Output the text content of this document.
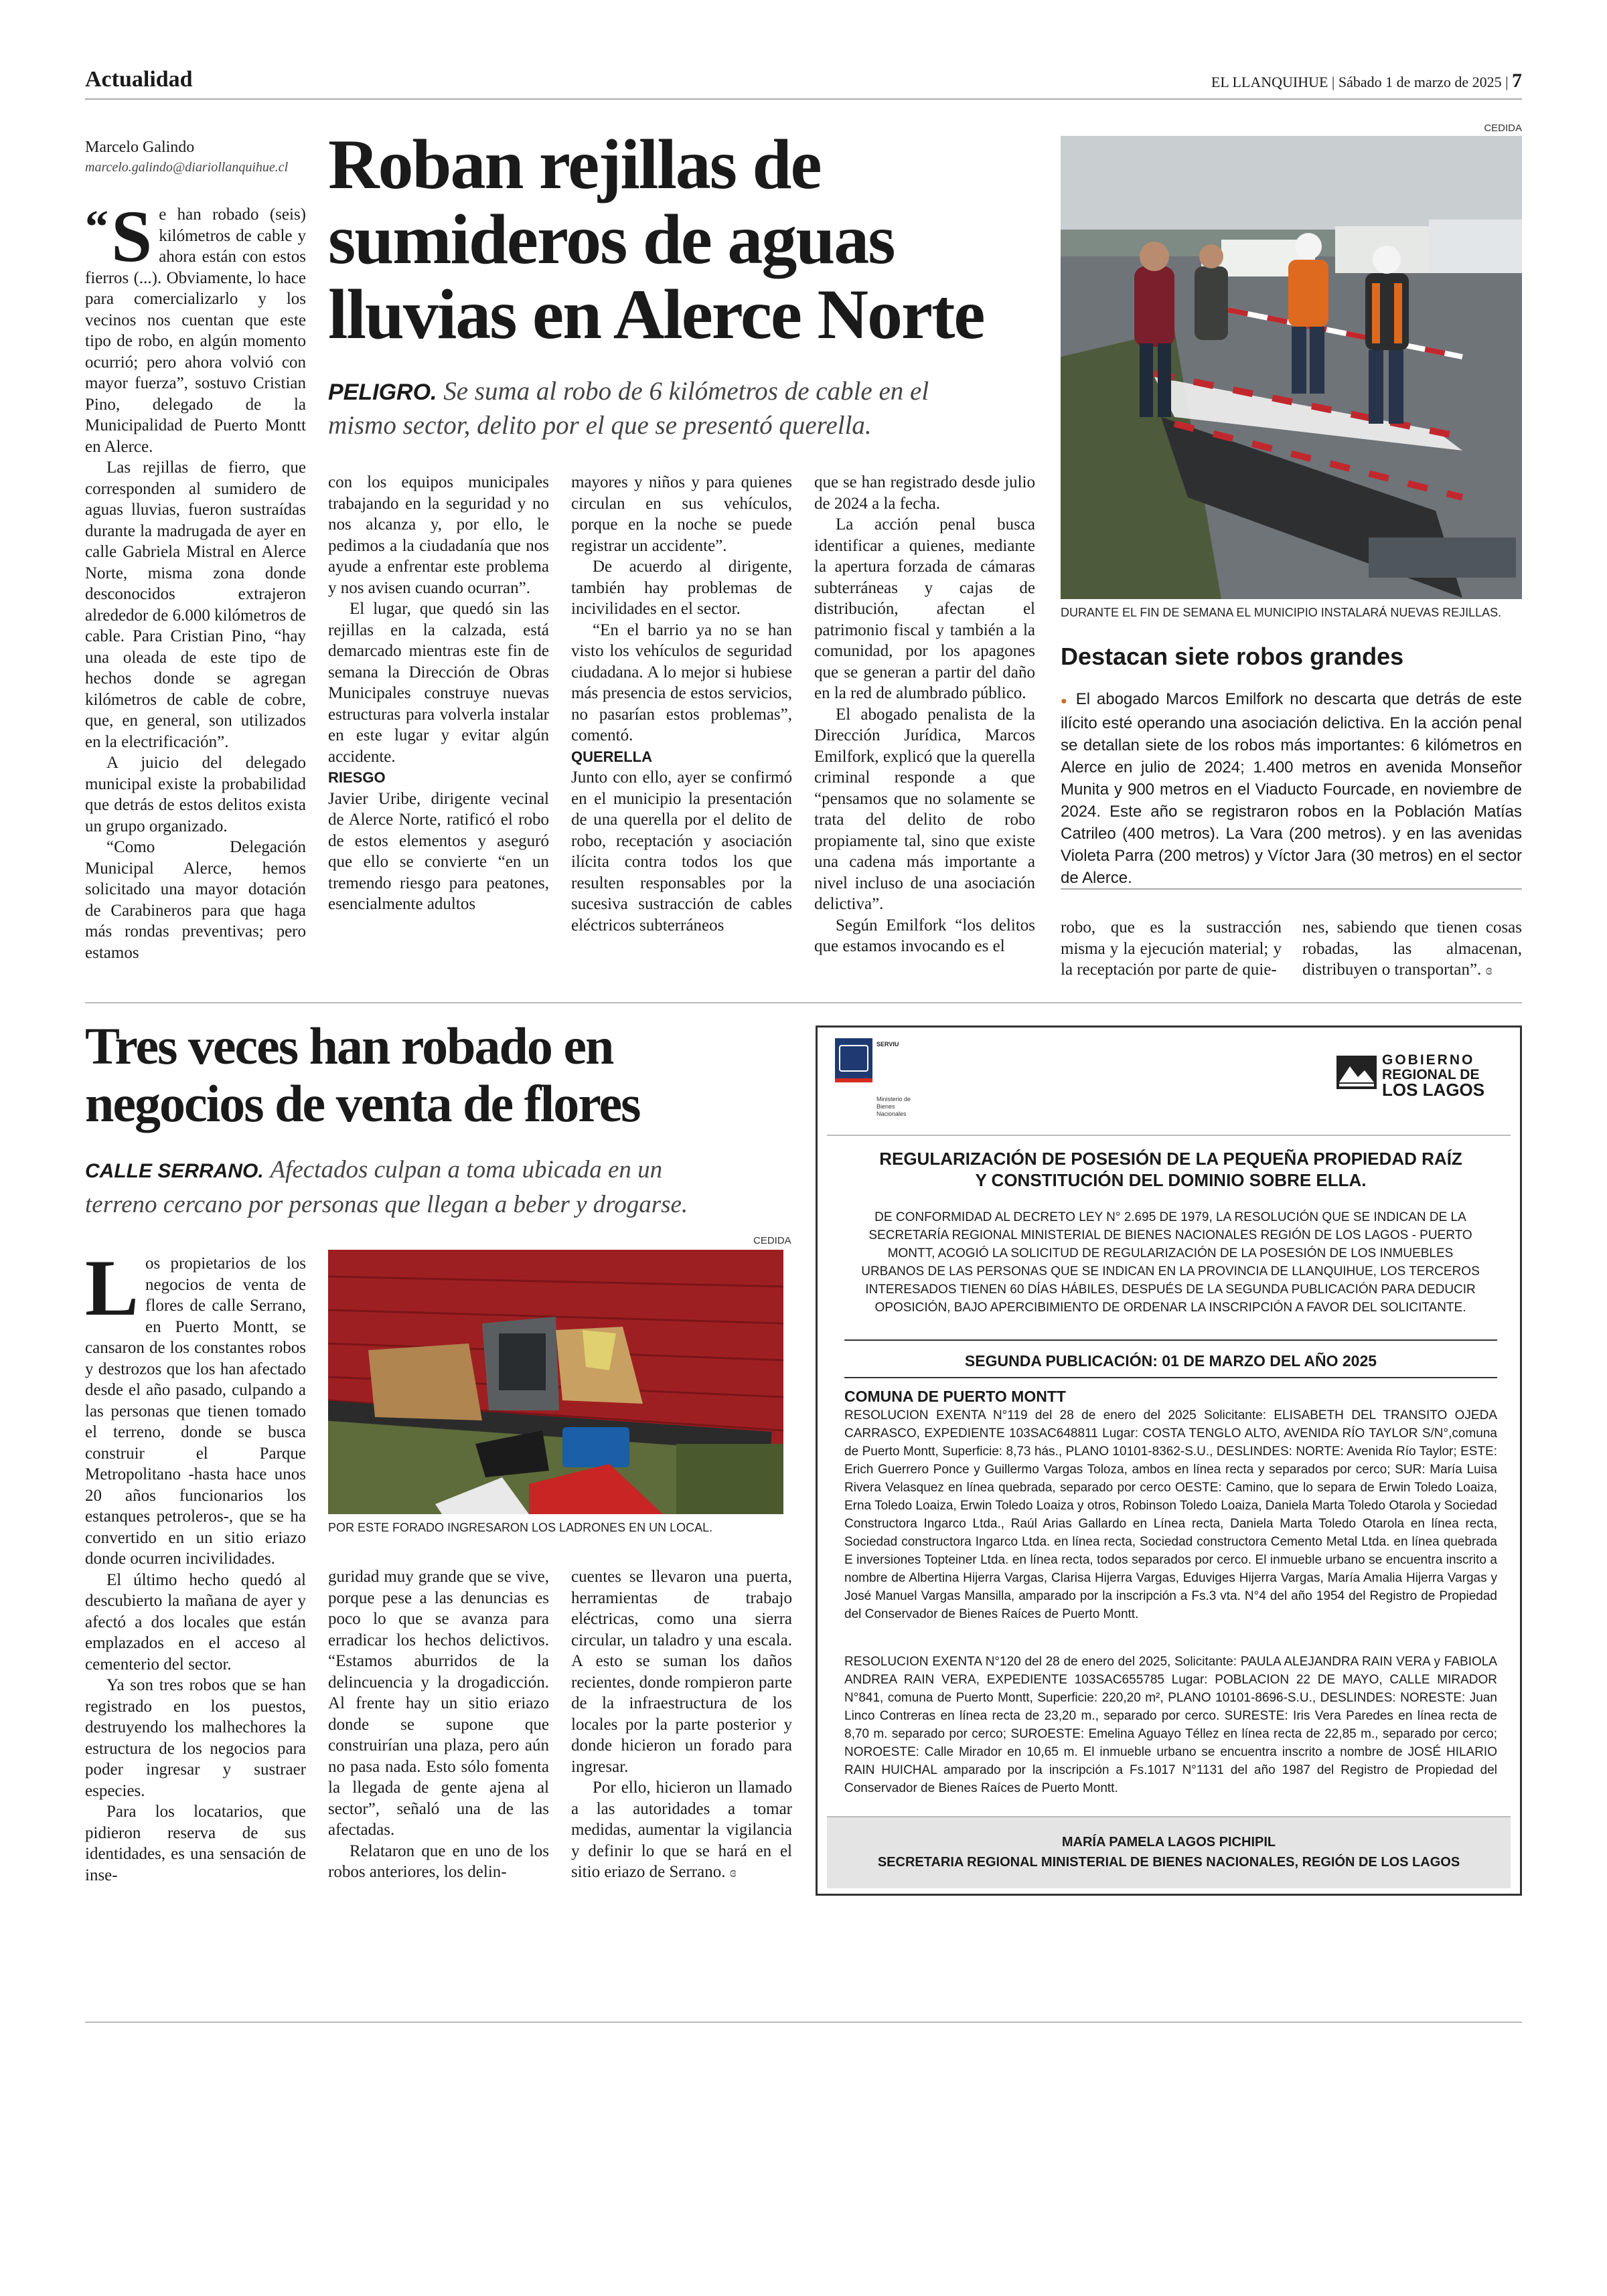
Actualidad	EL LLANQUIHUE | Sábado 1 de marzo de 2025 | 7
Marcelo Galindo
marcelo.galindo@diariollanquihue.cl Roban rejillas de
sumideros de aguas
lluvias en Alerce Norte
PELIGRO. Se suma al robo de 6 kilómetros de cable en el
mismo sector, delito por el que se presentó querella.
CEDIDA
DURANTE EL FIN DE SEMANA EL MUNICIPIO INSTALARÁ NUEVAS REJILLAS.

“ S e han robado (seis) kilómetros de cable y ahora están con estos fierros (...). Obviamente, lo hace para comercializarlo y los vecinos nos cuentan que este tipo de robo, en algún momento ocurrió; pero ahora volvió con mayor fuerza”, sostuvo Cristian Pino, delegado de la Municipalidad de Puerto Montt en Alerce.

Las rejillas de fierro, que corresponden al sumidero de aguas lluvias, fueron sustraídas durante la madrugada de ayer en calle Gabriela Mistral en Alerce Norte, misma zona donde desconocidos extrajeron alrededor de 6.000 kilómetros de cable. Para Cristian Pino, “hay una oleada de este tipo de hechos donde se agregan kilómetros de cable de cobre, que, en general, son utilizados en la electrificación”.

A juicio del delegado municipal existe la probabilidad que detrás de estos delitos exista un grupo organizado.

“Como Delegación Municipal Alerce, hemos solicitado una mayor dotación de Carabineros para que haga más rondas preventivas; pero estamos

con los equipos municipales trabajando en la seguridad y no nos alcanza y, por ello, le pedimos a la ciudadanía que nos ayude a enfrentar este problema y nos avisen cuando ocurran”.

El lugar, que quedó sin las rejillas en la calzada, está demarcado mientras este fin de semana la Dirección de Obras Municipales construye nuevas estructuras para volverla instalar en este lugar y evitar algún accidente.

RIESGO

Javier Uribe, dirigente vecinal de Alerce Norte, ratificó el robo de estos elementos y aseguró que ello se convierte “en un tremendo riesgo para peatones, esencialmente adultos

mayores y niños y para quienes circulan en sus vehículos, porque en la noche se puede registrar un accidente”.

De acuerdo al dirigente, también hay problemas de incivilidades en el sector.

“En el barrio ya no se han visto los vehículos de seguridad ciudadana. A lo mejor si hubiese más presencia de estos servicios, no pasarían estos problemas”, comentó.

QUERELLA

Junto con ello, ayer se confirmó en el municipio la presentación de una querella por el delito de robo, receptación y asociación ilícita contra todos los que resulten responsables por la sucesiva sustracción de cables eléctricos subterráneos

que se han registrado desde julio de 2024 a la fecha.

La acción penal busca identificar a quienes, mediante la apertura forzada de cámaras subterráneas y cajas de distribución, afectan el patrimonio fiscal y también a la comunidad, por los apagones que se generan a partir del daño en la red de alumbrado público.

El abogado penalista de la Dirección Jurídica, Marcos Emilfork, explicó que la querella criminal responde a que “pensamos que no solamente se trata del delito de robo propiamente tal, sino que existe una cadena más importante a nivel incluso de una asociación delictiva”.

Según Emilfork “los delitos que estamos invocando es el

Destacan siete robos grandes
● El abogado Marcos Emilfork no descarta que detrás de este ilícito esté operando una asociación delictiva. En la acción penal se detallan siete de los robos más importantes: 6 kilómetros en Alerce en julio de 2024; 1.400 metros en avenida Monseñor Munita y 900 metros en el Viaducto Fourcade, en noviembre de 2024. Este año se registraron robos en la Población Matías Catrileo (400 metros). La Vara (200 metros). y en las avenidas Violeta Parra (200 metros) y Víctor Jara (30 metros) en el sector de Alerce.

robo, que es la sustracción misma y la ejecución material; y la receptación por parte de quie-

nes, sabiendo que tienen cosas robadas, las almacenan, distribuyen o transportan”. ɞ

Tres veces han robado en
negocios de venta de flores
CALLE SERRANO. Afectados culpan a toma ubicada en un
terreno cercano por personas que llegan a beber y drogarse.
CEDIDA
POR ESTE FORADO INGRESARON LOS LADRONES EN UN LOCAL.

Los propietarios de los negocios de venta de flores de calle Serrano, en Puerto Montt, se cansaron de los constantes robos y destrozos que los han afectado desde el año pasado, culpando a las personas que tienen tomado el terreno, donde se busca construir el Parque Metropolitano -hasta hace unos 20 años funcionarios los estanques petroleros-, que se ha convertido en un sitio eriazo donde ocurren incivilidades.

El último hecho quedó al descubierto la mañana de ayer y afectó a dos locales que están emplazados en el acceso al cementerio del sector.

Ya son tres robos que se han registrado en los puestos, destruyendo los malhechores la estructura de los negocios para poder ingresar y sustraer especies.

Para los locatarios, que pidieron reserva de sus identidades, es una sensación de inse-

guridad muy grande que se vive, porque pese a las denuncias es poco lo que se avanza para erradicar los hechos delictivos. “Estamos aburridos de la delincuencia y la drogadicción. Al frente hay un sitio eriazo donde se supone que construirían una plaza, pero aún no pasa nada. Esto sólo fomenta la llegada de gente ajena al sector”, señaló una de las afectadas.

Relataron que en uno de los robos anteriores, los delin-

cuentes se llevaron una puerta, herramientas de trabajo eléctricas, como una sierra circular, un taladro y una escala. A esto se suman los daños recientes, donde rompieron parte de la infraestructura de los locales por la parte posterior y donde hicieron un forado para ingresar.

Por ello, hicieron un llamado a las autoridades a tomar medidas, aumentar la vigilancia y definir lo que se hará en el sitio eriazo de Serrano. ɞ

SERVIU
Ministerio de
Bienes
Nacionales
GOBIERNO
REGIONAL DE
LOS LAGOS
REGULARIZACIÓN DE POSESIÓN DE LA PEQUEÑA PROPIEDAD RAÍZ
Y CONSTITUCIÓN DEL DOMINIO SOBRE ELLA.
DE CONFORMIDAD AL DECRETO LEY N° 2.695 DE 1979, LA RESOLUCIÓN QUE SE INDICAN DE LA SECRETARÍA REGIONAL MINISTERIAL DE BIENES NACIONALES REGIÓN DE LOS LAGOS - PUERTO MONTT, ACOGIÓ LA SOLICITUD DE REGULARIZACIÓN DE LA POSESIÓN DE LOS INMUEBLES URBANOS DE LAS PERSONAS QUE SE INDICAN EN LA PROVINCIA DE LLANQUIHUE, LOS TERCEROS INTERESADOS TIENEN 60 DÍAS HÁBILES, DESPUÉS DE LA SEGUNDA PUBLICACIÓN PARA DEDUCIR OPOSICIÓN, BAJO APERCIBIMIENTO DE ORDENAR LA INSCRIPCIÓN A FAVOR DEL SOLICITANTE.
SEGUNDA PUBLICACIÓN: 01 DE MARZO DEL AÑO 2025
COMUNA DE PUERTO MONTT
RESOLUCION EXENTA N°119 del 28 de enero del 2025 Solicitante: ELISABETH DEL TRANSITO OJEDA CARRASCO, EXPEDIENTE 103SAC648811 Lugar: COSTA TENGLO ALTO, AVENIDA RÍO TAYLOR S/N°,comuna de Puerto Montt, Superficie: 8,73 hás., PLANO 10101-8362-S.U., DESLINDES: NORTE: Avenida Río Taylor; ESTE: Erich Guerrero Ponce y Guillermo Vargas Toloza, ambos en línea recta y separados por cerco; SUR: María Luisa Rivera Velasquez en línea quebrada, separado por cerco OESTE: Camino, que lo separa de Erwin Toledo Loaiza, Erna Toledo Loaiza, Erwin Toledo Loaiza y otros, Robinson Toledo Loaiza, Daniela Marta Toledo Otarola y Sociedad Constructora Ingarco Ltda., Raúl Arias Gallardo en Línea recta, Daniela Marta Toledo Otarola en línea recta, Sociedad constructora Ingarco Ltda. en línea recta, Sociedad constructora Cemento Metal Ltda. en línea quebrada E inversiones Topteiner Ltda. en línea recta, todos separados por cerco. El inmueble urbano se encuentra inscrito a nombre de Albertina Hijerra Vargas, Clarisa Hijerra Vargas, Eduviges Hijerra Vargas, María Amalia Hijerra Vargas y José Manuel Vargas Mansilla, amparado por la inscripción a Fs.3 vta. N°4 del año 1954 del Registro de Propiedad del Conservador de Bienes Raíces de Puerto Montt.
RESOLUCION EXENTA N°120 del 28 de enero del 2025, Solicitante: PAULA ALEJANDRA RAIN VERA y FABIOLA ANDREA RAIN VERA, EXPEDIENTE 103SAC655785 Lugar: POBLACION 22 DE MAYO, CALLE MIRADOR N°841, comuna de Puerto Montt, Superficie: 220,20 m², PLANO 10101-8696-S.U., DESLINDES: NORESTE: Juan Linco Contreras en línea recta de 23,20 m., separado por cerco. SURESTE: Iris Vera Paredes en línea recta de 8,70 m. separado por cerco; SUROESTE: Emelina Aguayo Téllez en línea recta de 22,85 m., separado por cerco; NOROESTE: Calle Mirador en 10,65 m. El inmueble urbano se encuentra inscrito a nombre de JOSÉ HILARIO RAIN HUICHAL amparado por la inscripción a Fs.1017 N°1131 del año 1987 del Registro de Propiedad del Conservador de Bienes Raíces de Puerto Montt.
MARÍA PAMELA LAGOS PICHIPIL
SECRETARIA REGIONAL MINISTERIAL DE BIENES NACIONALES, REGIÓN DE LOS LAGOS
